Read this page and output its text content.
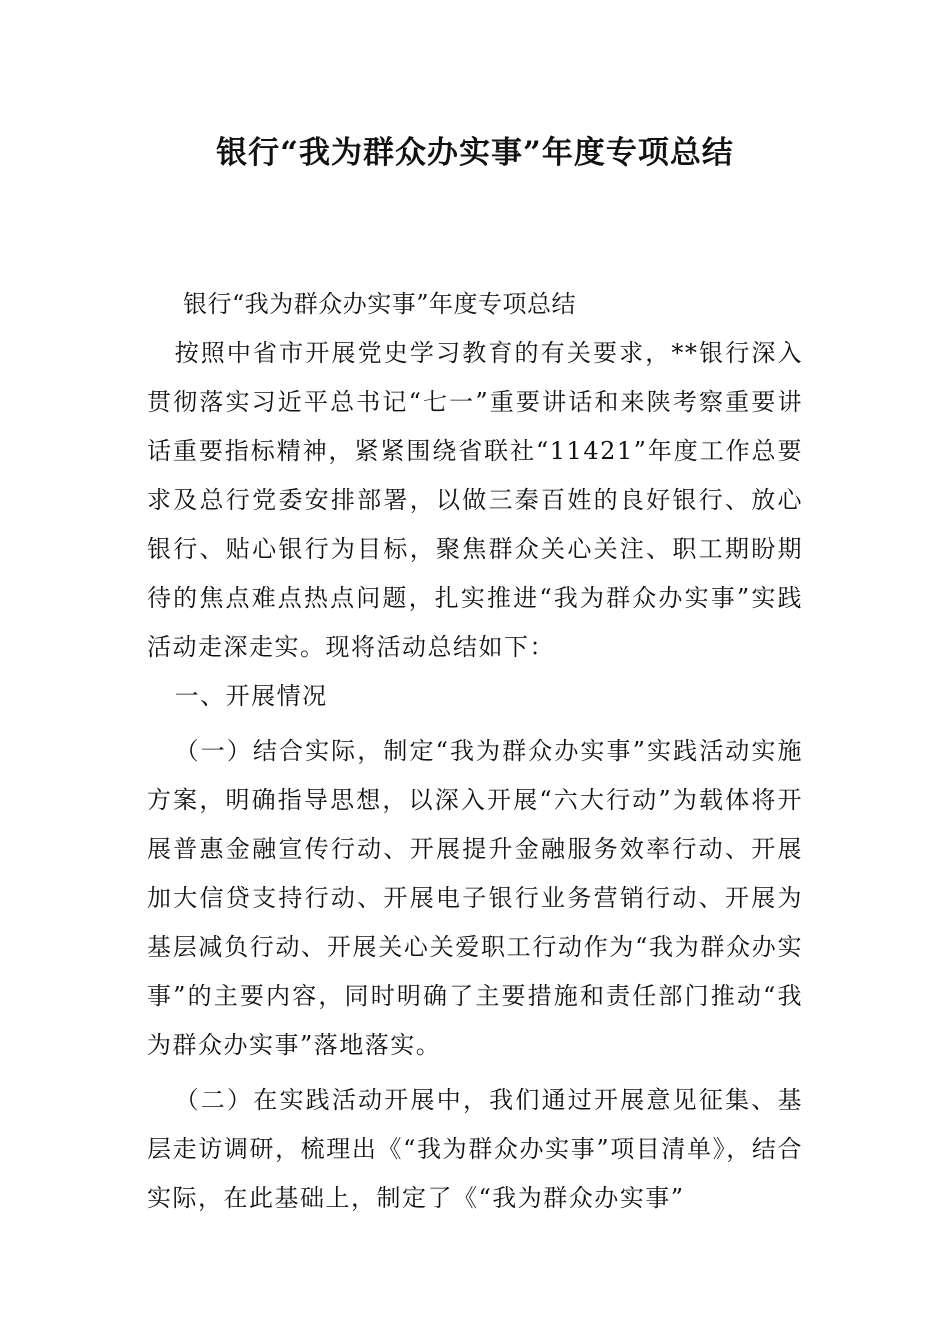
银行“我为群众办实事”年度专项总结

银行“我为群众办实事”年度专项总结

按照中省市开展党史学习教育的有关要求，**银行深入贯彻落实习近平总书记“七一”重要讲话和来陕考察重要讲话重要指标精神，紧紧围绕省联社“11421”年度工作总要求及总行党委安排部署，以做三秦百姓的良好银行、放心银行、贴心银行为目标，聚焦群众关心关注、职工期盼期待的焦点难点热点问题，扎实推进“我为群众办实事”实践活动走深走实。现将活动总结如下：

一、开展情况

（一）结合实际，制定“我为群众办实事”实践活动实施方案，明确指导思想，以深入开展“六大行动”为载体将开展普惠金融宣传行动、开展提升金融服务效率行动、开展加大信贷支持行动、开展电子银行业务营销行动、开展为基层减负行动、开展关心关爱职工行动作为“我为群众办实事”的主要内容，同时明确了主要措施和责任部门推动“我为群众办实事”落地落实。

（二）在实践活动开展中，我们通过开展意见征集、基层走访调研，梳理出《“我为群众办实事”项目清单》，结合实际，在此基础上，制定了《“我为群众办实事”
